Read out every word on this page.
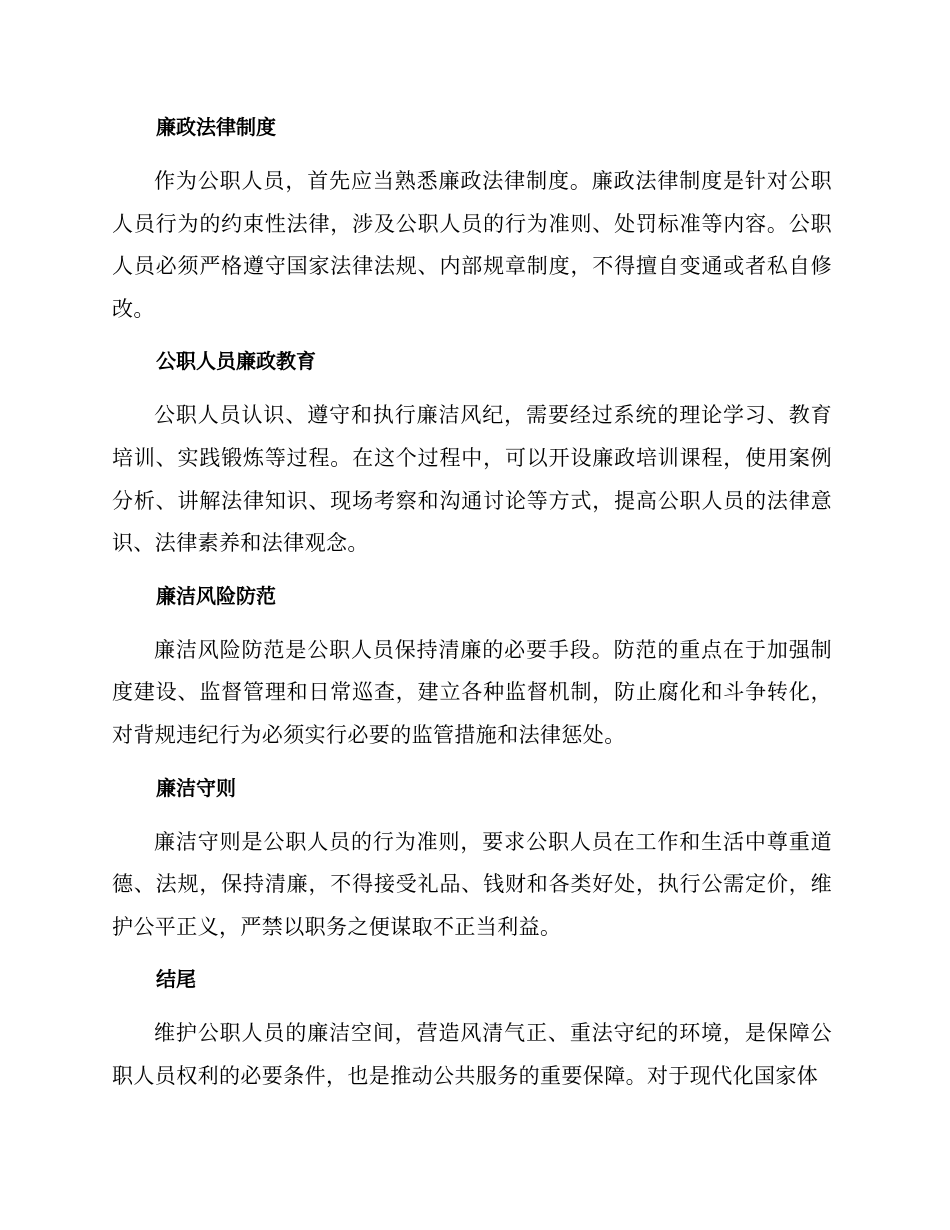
廉政法律制度

作为公职人员，首先应当熟悉廉政法律制度。廉政法律制度是针对公职人员行为的约束性法律，涉及公职人员的行为准则、处罚标准等内容。公职人员必须严格遵守国家法律法规、内部规章制度，不得擅自变通或者私自修改。

公职人员廉政教育

公职人员认识、遵守和执行廉洁风纪，需要经过系统的理论学习、教育培训、实践锻炼等过程。在这个过程中，可以开设廉政培训课程，使用案例分析、讲解法律知识、现场考察和沟通讨论等方式，提高公职人员的法律意识、法律素养和法律观念。

廉洁风险防范

廉洁风险防范是公职人员保持清廉的必要手段。防范的重点在于加强制度建设、监督管理和日常巡查，建立各种监督机制，防止腐化和斗争转化，对背规违纪行为必须实行必要的监管措施和法律惩处。

廉洁守则

廉洁守则是公职人员的行为准则，要求公职人员在工作和生活中尊重道德、法规，保持清廉，不得接受礼品、钱财和各类好处，执行公需定价，维护公平正义，严禁以职务之便谋取不正当利益。

结尾

维护公职人员的廉洁空间，营造风清气正、重法守纪的环境，是保障公职人员权利的必要条件，也是推动公共服务的重要保障。对于现代化国家体
